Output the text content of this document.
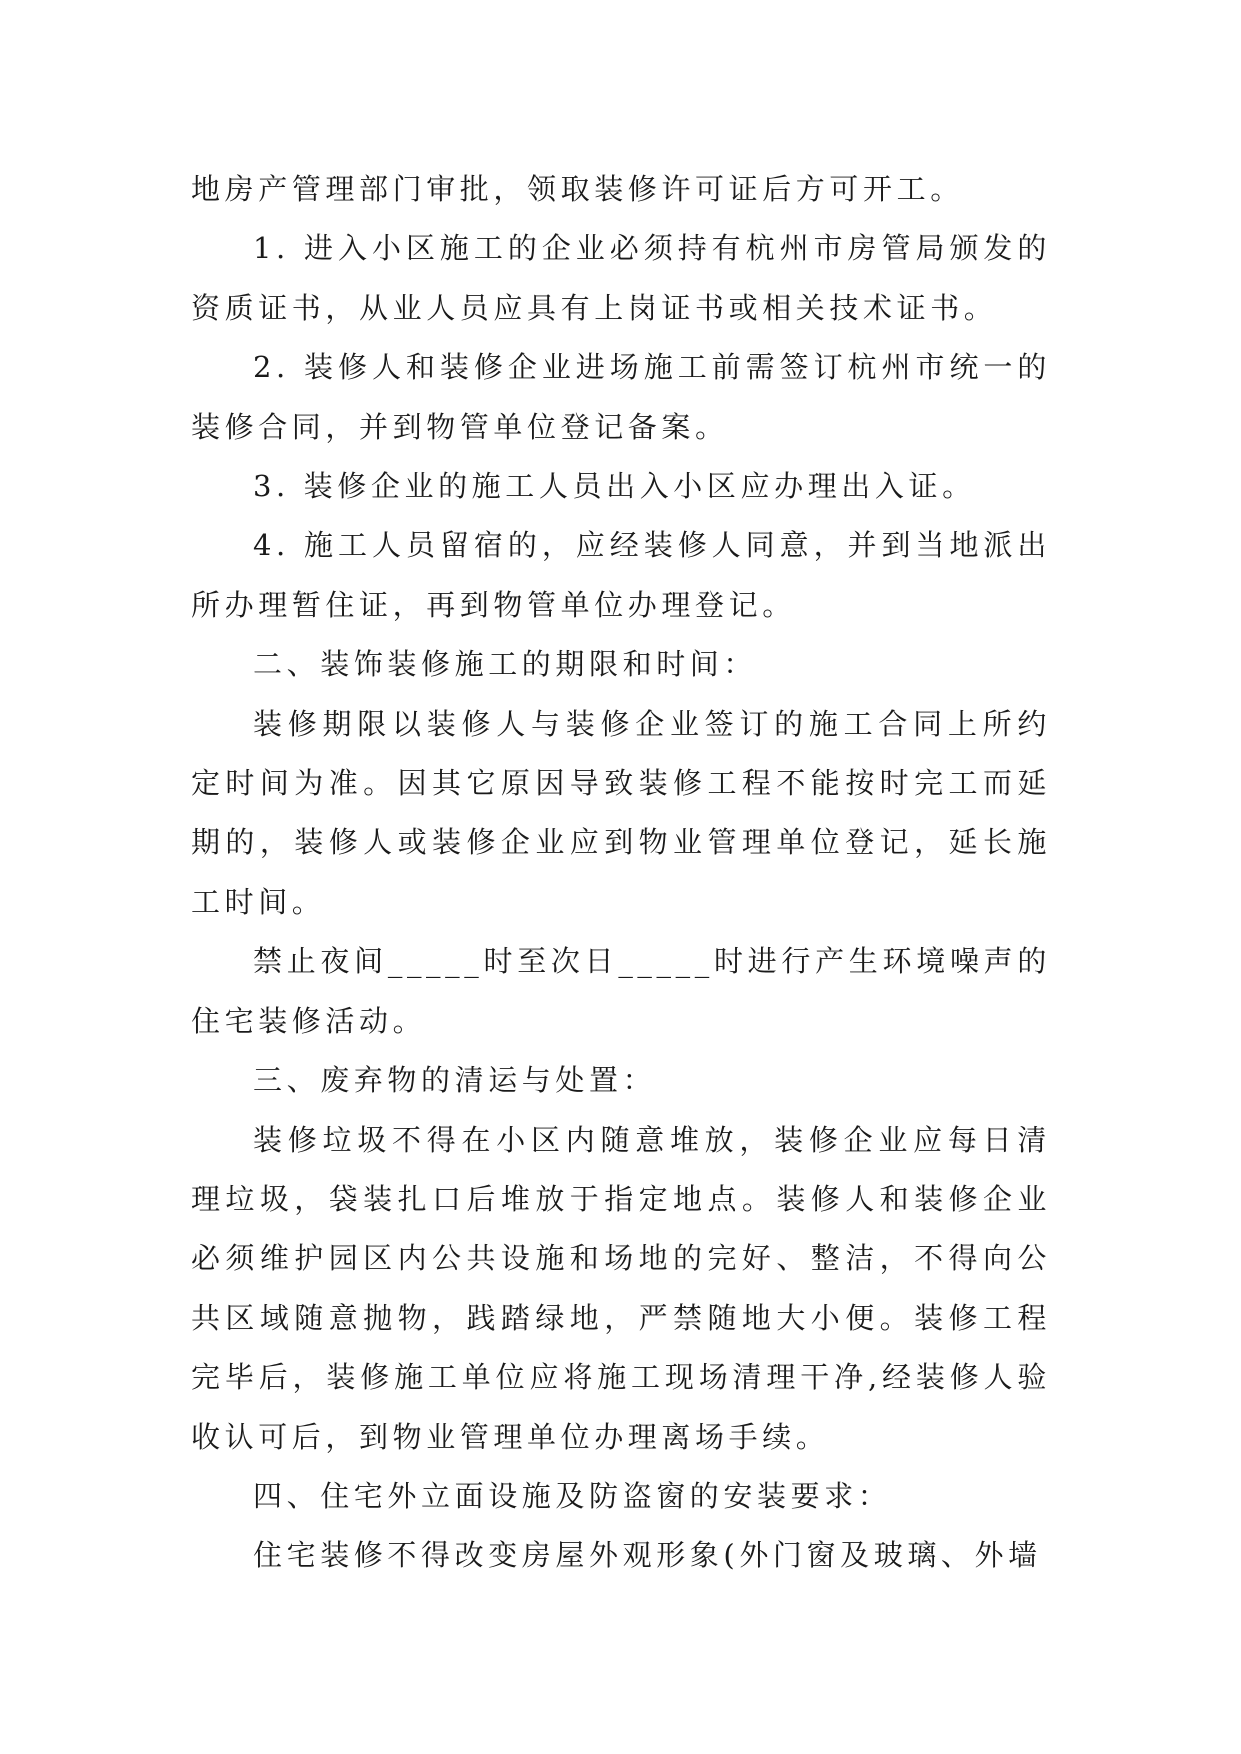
地房产管理部门审批，领取装修许可证后方可开工。

1. 进入小区施工的企业必须持有杭州市房管局颁发的资质证书，从业人员应具有上岗证书或相关技术证书。

2. 装修人和装修企业进场施工前需签订杭州市统一的装修合同，并到物管单位登记备案。

3. 装修企业的施工人员出入小区应办理出入证。

4. 施工人员留宿的，应经装修人同意，并到当地派出所办理暂住证，再到物管单位办理登记。

二、装饰装修施工的期限和时间：

装修期限以装修人与装修企业签订的施工合同上所约定时间为准。因其它原因导致装修工程不能按时完工而延期的，装修人或装修企业应到物业管理单位登记，延长施工时间。

禁止夜间_____时至次日_____时进行产生环境噪声的住宅装修活动。

三、废弃物的清运与处置：

装修垃圾不得在小区内随意堆放，装修企业应每日清理垃圾，袋装扎口后堆放于指定地点。装修人和装修企业必须维护园区内公共设施和场地的完好、整洁，不得向公共区域随意抛物，践踏绿地，严禁随地大小便。装修工程完毕后，装修施工单位应将施工现场清理干净,经装修人验收认可后，到物业管理单位办理离场手续。

四、住宅外立面设施及防盗窗的安装要求：

住宅装修不得改变房屋外观形象(外门窗及玻璃、外墙
